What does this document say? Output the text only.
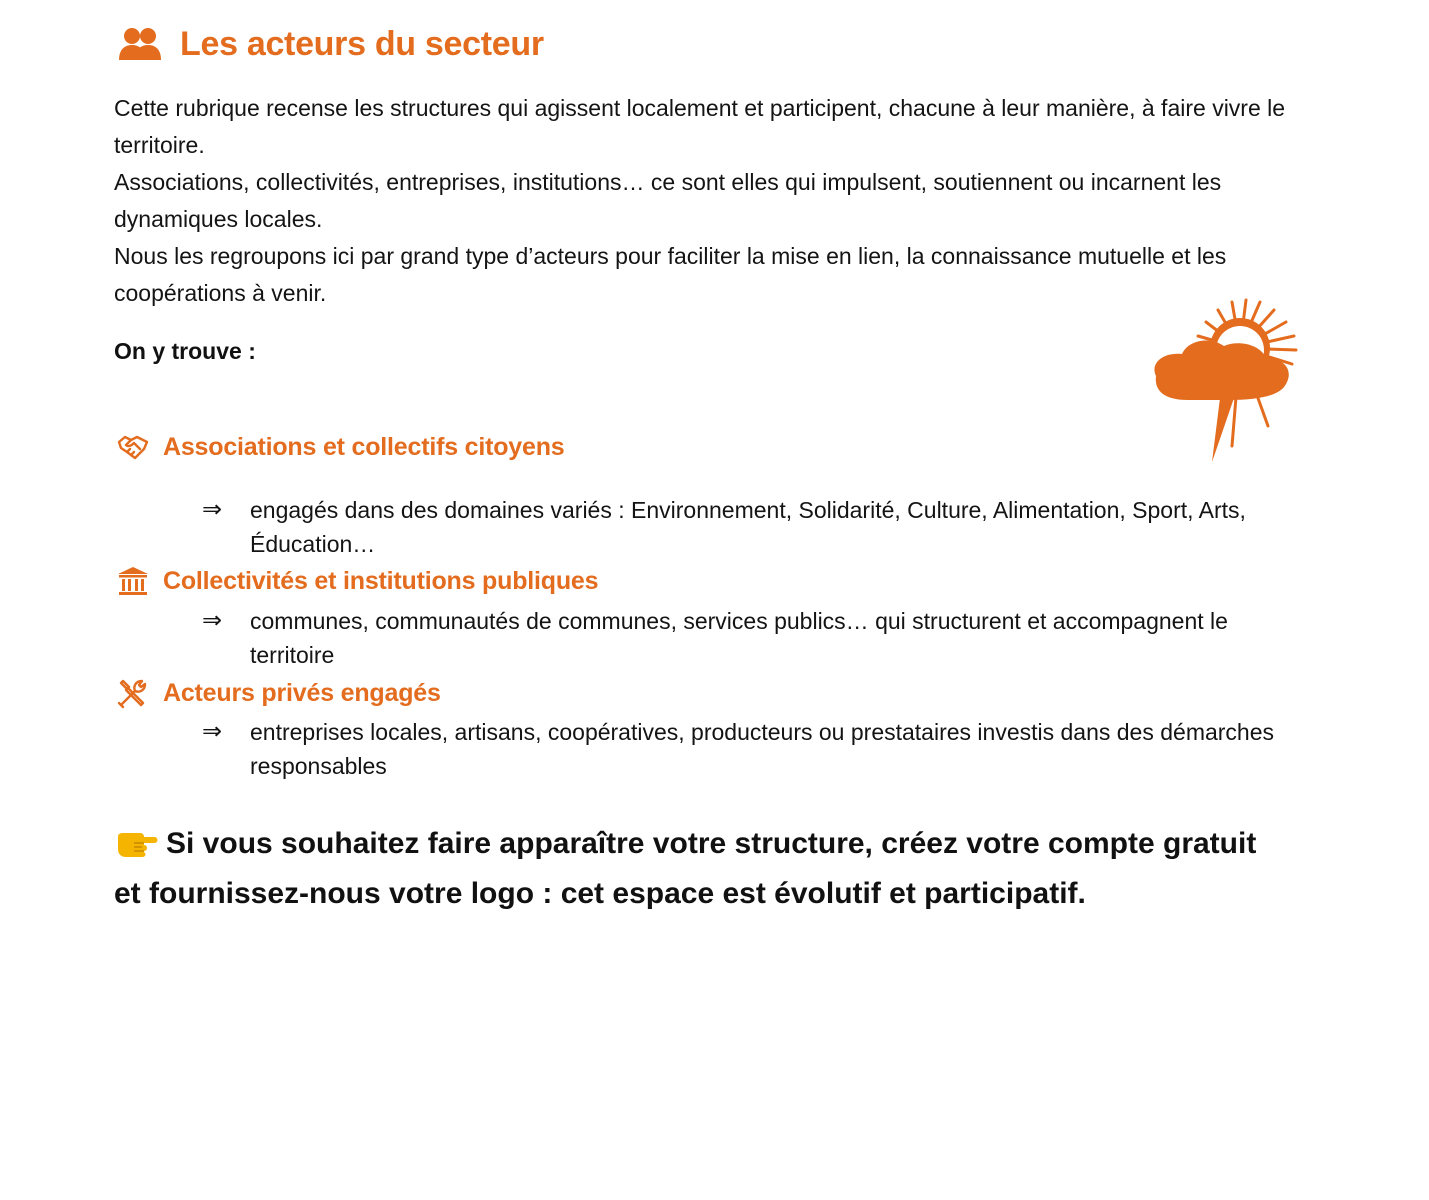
Les acteurs du secteur

Cette rubrique recense les structures qui agissent localement et participent, chacune à leur manière, à faire vivre le territoire.

Associations, collectivités, entreprises, institutions… ce sont elles qui impulsent, soutiennent ou incarnent les dynamiques locales.

Nous les regroupons ici par grand type d’acteurs pour faciliter la mise en lien, la connaissance mutuelle et les coopérations à venir.

On y trouve :
Associations et collectifs citoyens
⇒	engagés dans des domaines variés : Environnement, Solidarité, Culture, Alimentation, Sport, Arts, Éducation…
Collectivités et institutions publiques
⇒	communes, communautés de communes, services publics… qui structurent et accompagnent le territoire
Acteurs privés engagés
⇒	entreprises locales, artisans, coopératives, producteurs ou prestataires investis dans des démarches responsables
Si vous souhaitez faire apparaître votre structure, créez votre compte gratuit et fournissez-nous votre logo : cet espace est évolutif et participatif.
